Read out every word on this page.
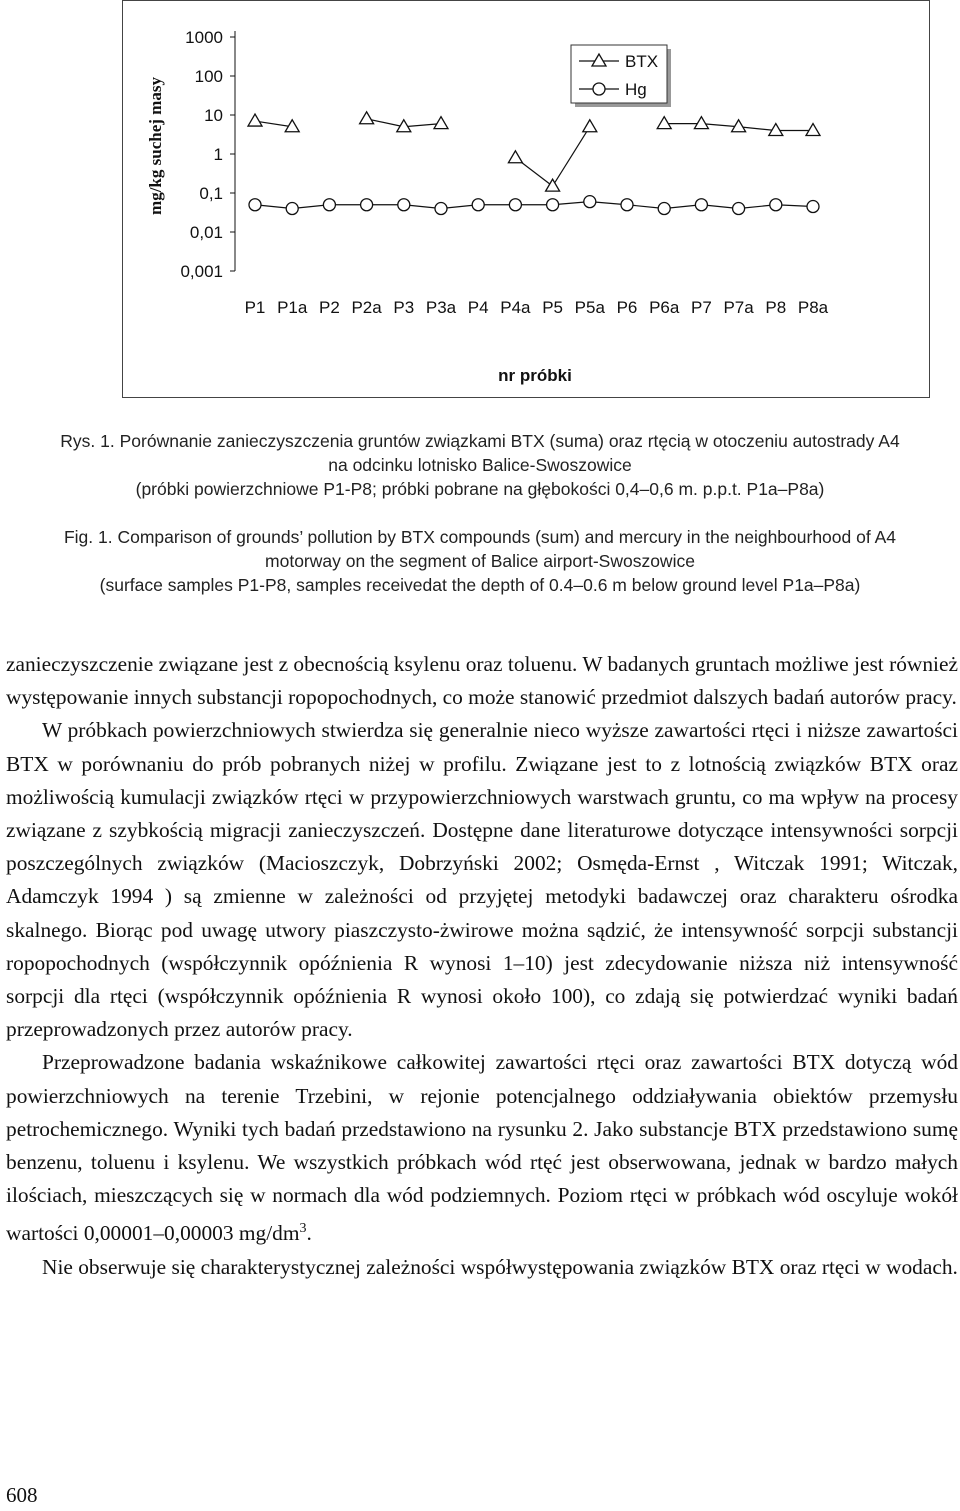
1000
100
10
1
0,1
0,01
0,001
mg/kg suchej masy
P1 P1a P2 P2a P3 P3a P4 P4a P5 P5a P6 P6a P7 P7a P8 P8a
nr próbki
BTX
Hg
Rys. 1. Porównanie zanieczyszczenia gruntów związkami BTX (suma) oraz rtęcią w otoczeniu autostrady A4
na odcinku lotnisko Balice-Swoszowice
(próbki powierzchniowe P1-P8; próbki pobrane na głębokości 0,4–0,6 m. p.p.t. P1a–P8a)
Fig. 1. Comparison of grounds’ pollution by BTX compounds (sum) and mercury in the neighbourhood of A4
motorway on the segment of Balice airport-Swoszowice
(surface samples P1-P8, samples receivedat the depth of 0.4–0.6 m below ground level P1a–P8a)

zanieczyszczenie związane jest z obecnością ksylenu oraz toluenu. W badanych gruntach możliwe jest również występowanie innych substancji ropopochodnych, co może stanowić przedmiot dalszych badań autorów pracy.

W próbkach powierzchniowych stwierdza się generalnie nieco wyższe zawartości rtęci i niższe zawartości BTX w porównaniu do prób pobranych niżej w profilu. Związane jest to z lotnością związków BTX oraz możliwością kumulacji związków rtęci w przypowierzchniowych warstwach gruntu, co ma wpływ na procesy związane z szybkością migracji zanieczyszczeń. Dostępne dane literaturowe dotyczące intensywności sorpcji poszczególnych związków (Macioszczyk, Dobrzyński 2002; Osmęda-Ernst , Witczak 1991; Witczak, Adamczyk 1994 ) są zmienne w zależności od przyjętej metodyki badawczej oraz charakteru ośrodka skalnego. Biorąc pod uwagę utwory piaszczysto-żwirowe można sądzić, że intensywność sorpcji substancji ropopochodnych (współczynnik opóźnienia R wynosi 1–10) jest zdecydowanie niższa niż intensywność sorpcji dla rtęci (współczynnik opóźnienia R wynosi około 100), co zdają się potwierdzać wyniki badań przeprowadzonych przez autorów pracy.

Przeprowadzone badania wskaźnikowe całkowitej zawartości rtęci oraz zawartości BTX dotyczą wód powierzchniowych na terenie Trzebini, w rejonie potencjalnego oddziaływania obiektów przemysłu petrochemicznego. Wyniki tych badań przedstawiono na rysunku 2. Jako substancje BTX przedstawiono sumę benzenu, toluenu i ksylenu. We wszystkich próbkach wód rtęć jest obserwowana, jednak w bardzo małych ilościach, mieszczących się w normach dla wód podziemnych. Poziom rtęci w próbkach wód oscyluje wokół wartości 0,00001–0,00003 $mg/dm^3$.

Nie obserwuje się charakterystycznej zależności współwystępowania związków BTX oraz rtęci w wodach.

608
